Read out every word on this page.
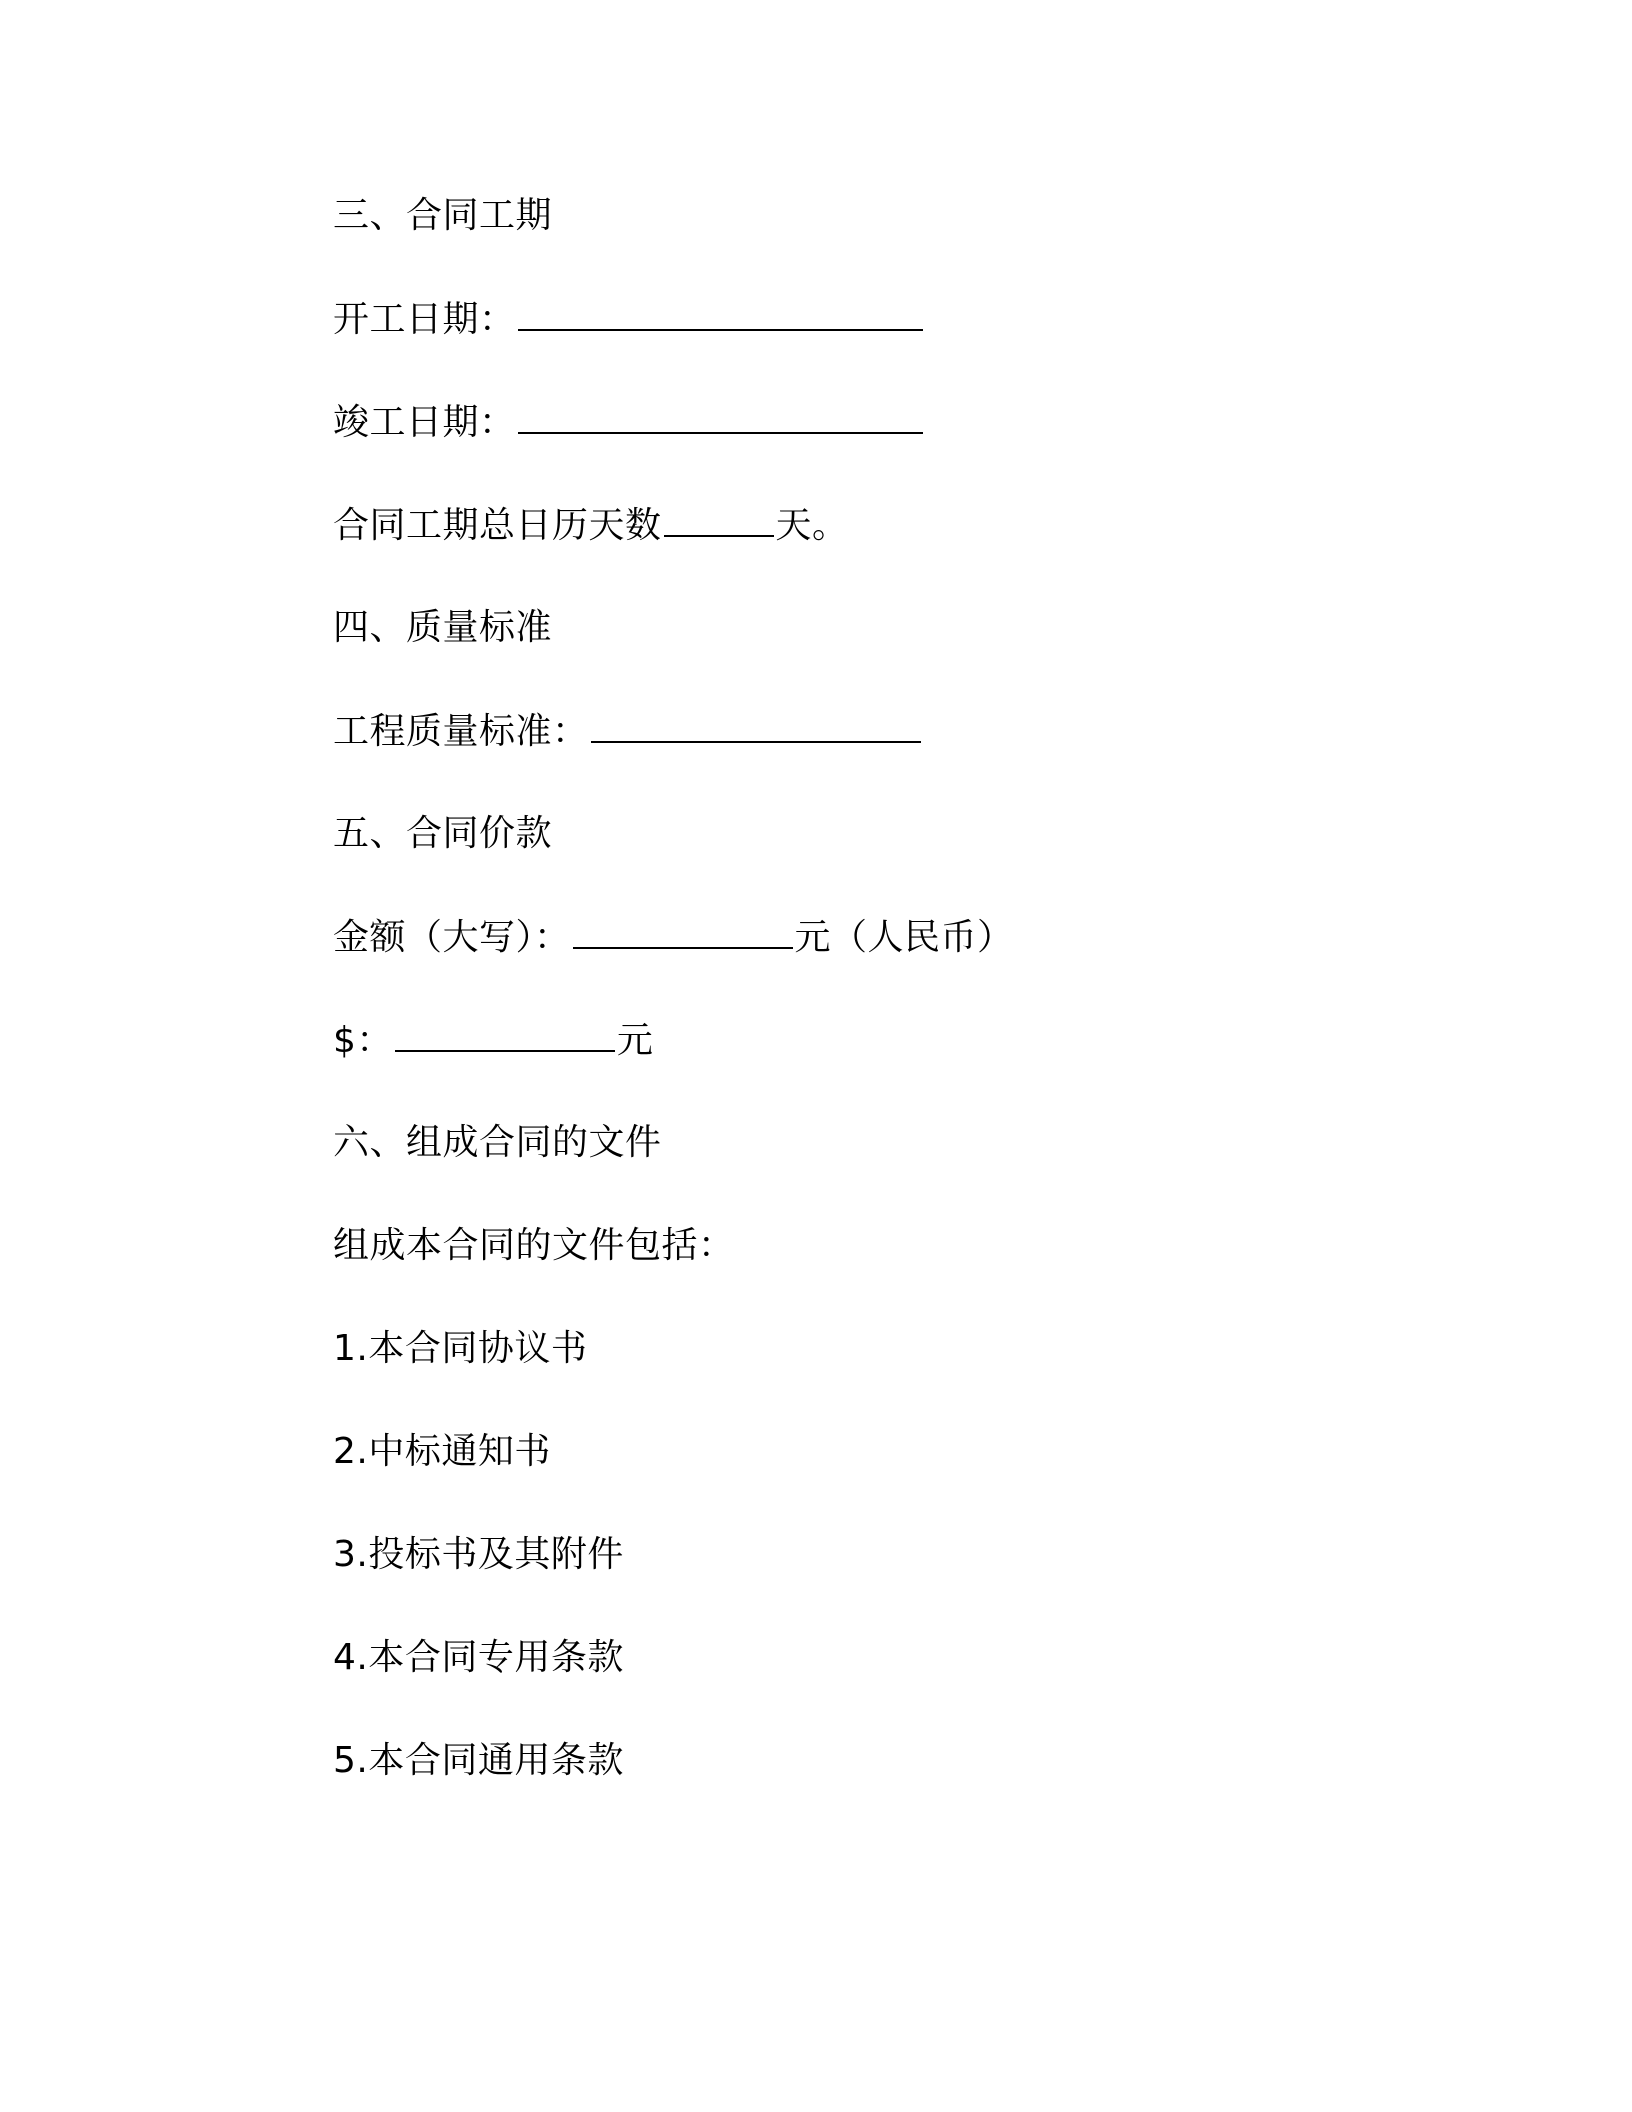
三、合同工期
开工日期：
竣工日期：
合同工期总日历天数	天。
四、质量标准
工程质量标准：
五、合同价款
金额（大写）：	元（人民币）
$：	元
六、组成合同的文件
组成本合同的文件包括：
1.本合同协议书
2.中标通知书
3.投标书及其附件
4.本合同专用条款
5.本合同通用条款
